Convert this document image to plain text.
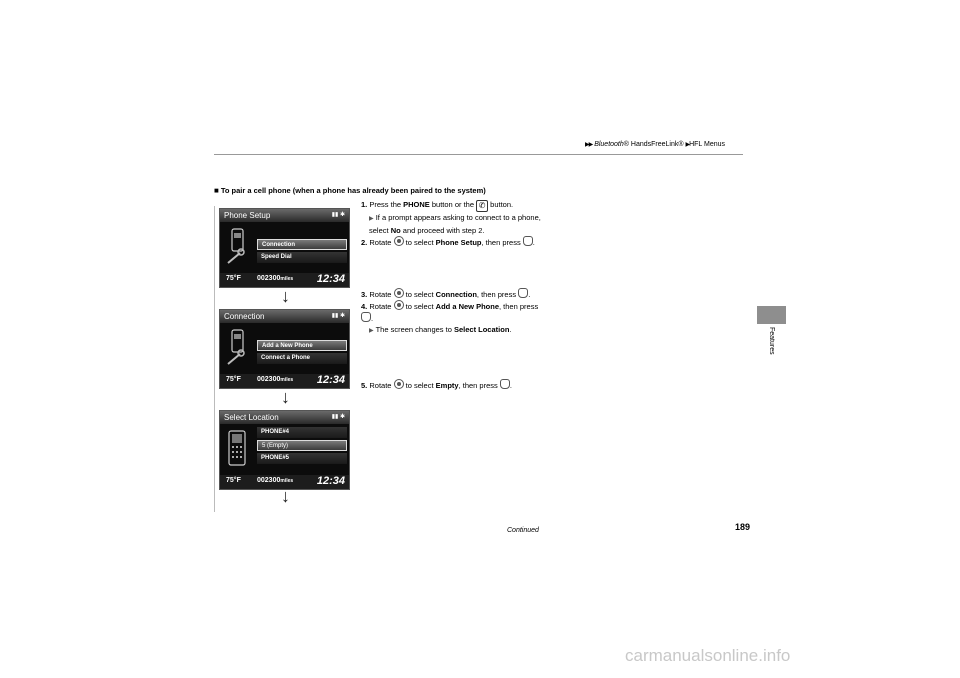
▶▶ Bluetooth® HandsFreeLink® ▶HFL Menus
Features
■ To pair a cell phone (when a phone has already been paired to the system)
Phone Setup	▮▮ ✱
Connection
Speed Dial
75°F 002300miles 12:34
↓
Connection	▮▮ ✱
Add a New Phone
Connect a Phone
75°F 002300miles 12:34
↓
Select Location	▮▮ ✱
PHONE#4
5 (Empty)
PHONE#5
75°F 002300miles 12:34
↓
1. Press the PHONE button or the ✆ button.
▶ If a prompt appears asking to connect to a phone, select No and proceed with step 2.
2. Rotate  to select Phone Setup, then press .
3. Rotate  to select Connection, then press .
4. Rotate  to select Add a New Phone, then press .
▶ The screen changes to Select Location.
5. Rotate  to select Empty, then press .
Continued	189
carmanualsonline.info
